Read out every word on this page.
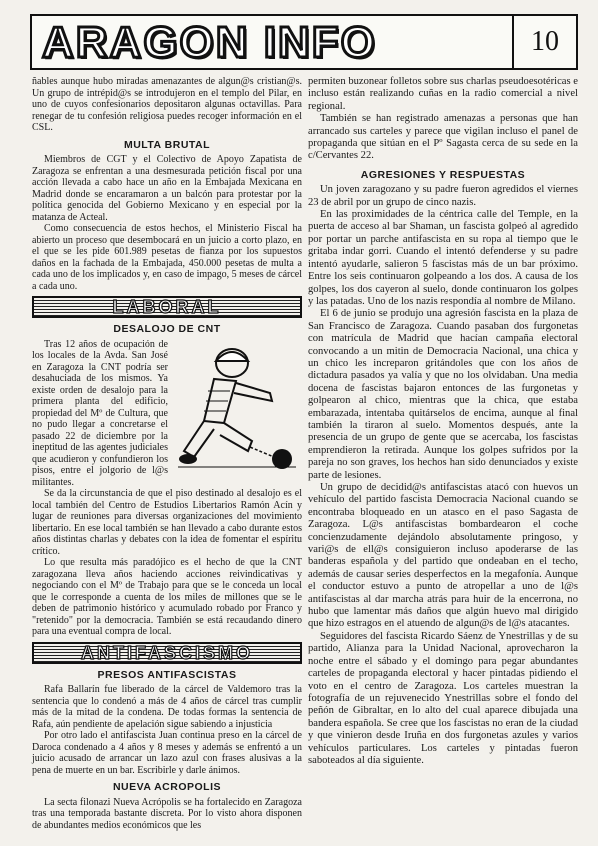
ARAGON INFO	10

ñables aunque hubo miradas amenazantes de algun@s cristian@s. Un grupo de intrépid@s se introdujeron en el templo del Pilar, en uno de cuyos confesionarios depositaron algunas octavillas. Para renegar de tu confesión religiosa puedes recoger información en el CSL.

MULTA BRUTAL

Miembros de CGT y el Colectivo de Apoyo Zapatista de Zaragoza se enfrentan a una desmesurada petición fiscal por una acción llevada a cabo hace un año en la Embajada Mexicana en Madrid donde se encaramaron a un balcón para protestar por la política genocida del Gobierno Mexicano y en especial por la matanza de Acteal.

Como consecuencia de estos hechos, el Ministerio Fiscal ha abierto un proceso que desembocará en un juicio a corto plazo, en el que se les pide 601.989 pesetas de fianza por los supuestos daños en la fachada de la Embajada, 450.000 pesetas de multa a cada uno de los implicados y, en caso de impago, 5 meses de cárcel a cada uno.

LABORAL
DESALOJO DE CNT

Tras 12 años de ocupación de los locales de la Avda. San José en Zaragoza la CNT podría ser desahuciada de los mismos. Ya existe orden de desalojo para la primera planta del edificio, propiedad del Mº de Cultura, que no pudo llegar a concretarse el pasado 22 de diciembre por la ineptitud de las agentes judiciales que acudieron y confundieron los pisos, entre el jolgorio de l@s militantes.

Se da la circunstancia de que el piso destinado al desalojo es el local también del Centro de Estudios Libertarios Ramón Acín y lugar de reuniones para diversas organizaciones del movimiento libertario. En ese local también se han llevado a cabo durante estos años distintas charlas y debates con la idea de fomentar el espíritu crítico.

Lo que resulta más paradójico es el hecho de que la CNT zaragozana lleva años haciendo acciones reivindicativas y negociando con el Mº de Trabajo para que se le conceda un local que le corresponde a cuenta de los miles de millones que se le deben de patrimonio histórico y acumulado robado por Franco y "retenido" por la democracia. También se está recaudando dinero para una eventual compra de local.

ANTIFASCISMO
PRESOS ANTIFASCISTAS

Rafa Ballarín fue liberado de la cárcel de Valdemoro tras la sentencia que lo condenó a más de 4 años de cárcel tras cumplir más de la mitad de la condena. De todas formas la sentencia de Rafa, aún pendiente de apelación sigue sabiendo a injusticia

Por otro lado el antifascista Juan continua preso en la cárcel de Daroca condenado a 4 años y 8 meses y además se enfrentó a un juicio acusado de arrancar un lazo azul con frases alusivas a la pena de muerte en un bar. Escribirle y darle ánimos.

NUEVA ACROPOLIS

La secta filonazi Nueva Acrópolis se ha fortalecido en Zaragoza tras una temporada bastante discreta. Por lo visto ahora disponen de abundantes medios económicos que les

permiten buzonear folletos sobre sus charlas pseudoesotéricas e incluso están realizando cuñas en la radio comercial a nivel regional.

También se han registrado amenazas a personas que han arrancado sus carteles y parece que vigilan incluso el panel de propaganda que sitúan en el Pº Sagasta cerca de su sede en la c/Cervantes 22.

AGRESIONES Y RESPUESTAS

Un joven zaragozano y su padre fueron agredidos el viernes 23 de abril por un grupo de cinco nazis.

En las proximidades de la céntrica calle del Temple, en la puerta de acceso al bar Shaman, un fascista golpeó al agredido por portar un parche antifascista en su ropa al tiempo que le gritaba indar gorri. Cuando el intentó defenderse y su padre intentó ayudarle, salieron 5 fascistas más de un bar próximo. Entre los seis continuaron golpeando a los dos. A causa de los golpes, los dos cayeron al suelo, donde continuaron los golpes y las patadas. Uno de los nazis respondía al nombre de Milano.

El 6 de junio se produjo una agresión fascista en la plaza de San Francisco de Zaragoza. Cuando pasaban dos furgonetas con matrícula de Madrid que hacían campaña electoral convocando a un mitin de Democracia Nacional, una chica y un chico les increparon gritándoles que con los años de dictadura pasados ya valía y que no los olvidaban. Una media docena de fascistas bajaron entonces de las furgonetas y golpearon al chico, mientras que la chica, que estaba embarazada, intentaba quitárselos de encima, aunque al final también la tiraron al suelo. Momentos después, ante la presencia de un grupo de gente que se acercaba, los fascistas emprendieron la retirada. Aunque los golpes sufridos por la pareja no son graves, los hechos han sido denunciados y existe parte de lesiones.

Un grupo de decidid@s antifascistas atacó con huevos un vehículo del partido fascista Democracia Nacional cuando se encontraba bloqueado en un atasco en el paso Sagasta de Zaragoza. L@s antifascistas bombardearon el coche concienzudamente dejándolo absolutamente pringoso, y vari@s de ell@s consiguieron incluso apoderarse de las banderas española y del partido que ondeaban en el techo, además de causar series desperfectos en la megafonía. Aunque el conductor estuvo a punto de atropellar a uno de l@s antifascistas al dar marcha atrás para huir de la encerrona, no hubo que lamentar más daños que algún huevo mal dirigido que hizo estragos en el atuendo de algun@s de l@s atacantes.

Seguidores del fascista Ricardo Sáenz de Ynestrillas y de su partido, Alianza para la Unidad Nacional, aprovecharon la noche entre el sábado y el domingo para pegar abundantes carteles de propaganda electoral y hacer pintadas pidiendo el voto en el centro de Zaragoza. Los carteles muestran la fotografía de un rejuvenecido Ynestrillas sobre el fondo del peñón de Gibraltar, en lo alto del cual aparece dibujada una bandera española. Se cree que los fascistas no eran de la ciudad y que vinieron desde Iruña en dos furgonetas azules y varios vehículos particulares. Los carteles y pintadas fueron saboteados al día siguiente.
